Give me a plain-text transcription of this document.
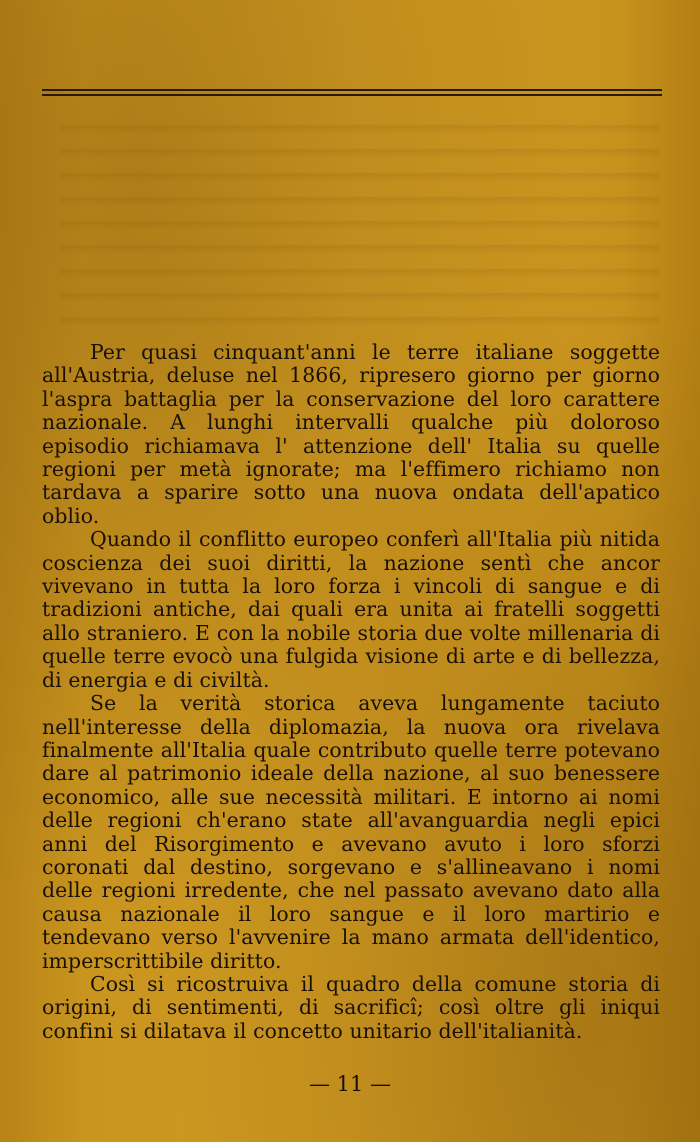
Per quasi cinquant'anni le terre italiane soggette all'Austria, deluse nel 1866, ripresero giorno per giorno l'aspra battaglia per la conservazione del loro carattere nazionale. A lunghi intervalli qualche più doloroso episodio richiamava l' attenzione dell' Italia su quelle regioni per metà ignorate; ma l'effimero richiamo non tardava a sparire sotto una nuova ondata dell'apatico oblio.

Quando il conflitto europeo conferì all'Italia più nitida coscienza dei suoi diritti, la nazione sentì che ancor vivevano in tutta la loro forza i vincoli di sangue e di tradizioni antiche, dai quali era unita ai fratelli soggetti allo straniero. E con la nobile storia due volte millenaria di quelle terre evocò una fulgida visione di arte e di bellezza, di energia e di civiltà.

Se la verità storica aveva lungamente taciuto nell'interesse della diplomazia, la nuova ora rivelava finalmente all'Italia quale contributo quelle terre potevano dare al patrimonio ideale della nazione, al suo benessere economico, alle sue necessità militari. E intorno ai nomi delle regioni ch'erano state all'avanguardia negli epici anni del Risorgimento e avevano avuto i loro sforzi coronati dal destino, sorgevano e s'allineavano i nomi delle regioni irredente, che nel passato avevano dato alla causa nazionale il loro sangue e il loro martirio e tendevano verso l'avvenire la mano armata dell'identico, imperscrittibile diritto.

Così si ricostruiva il quadro della comune storia di origini, di sentimenti, di sacrificî; così oltre gli iniqui confini si dilatava il concetto unitario dell'italianità.

— 11 —
